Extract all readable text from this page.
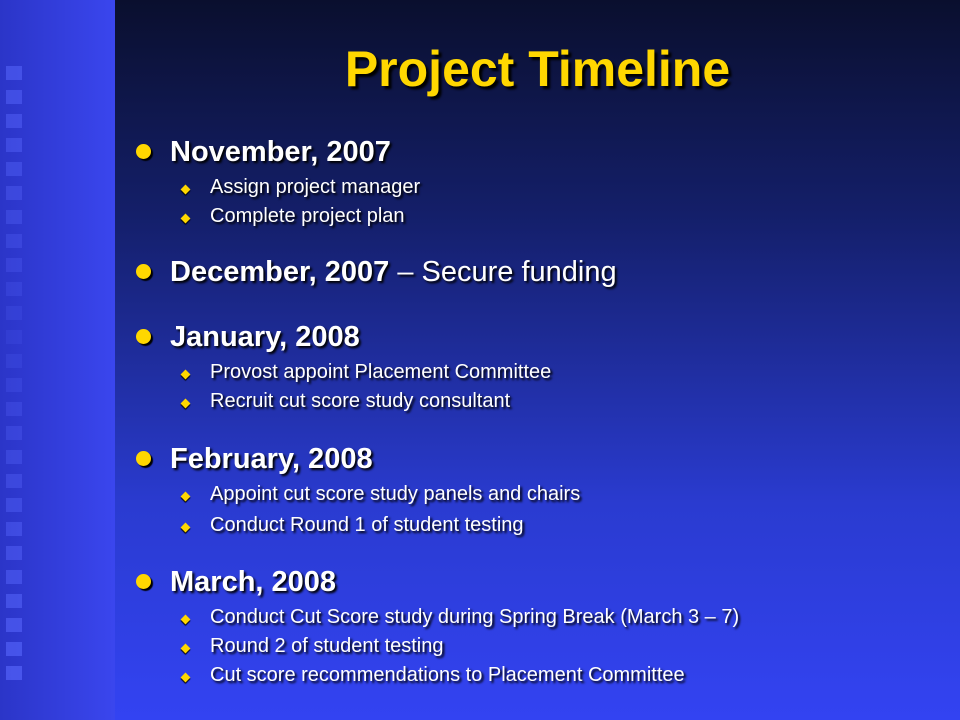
Project Timeline
November, 2007
Assign project manager
Complete project plan
December, 2007 – Secure funding
January, 2008
Provost appoint Placement Committee
Recruit cut score study consultant
February, 2008
Appoint cut score study panels and chairs
Conduct Round 1 of student testing
March, 2008
Conduct Cut Score study during Spring Break (March 3 – 7)
Round 2 of student testing
Cut score recommendations to Placement Committee
